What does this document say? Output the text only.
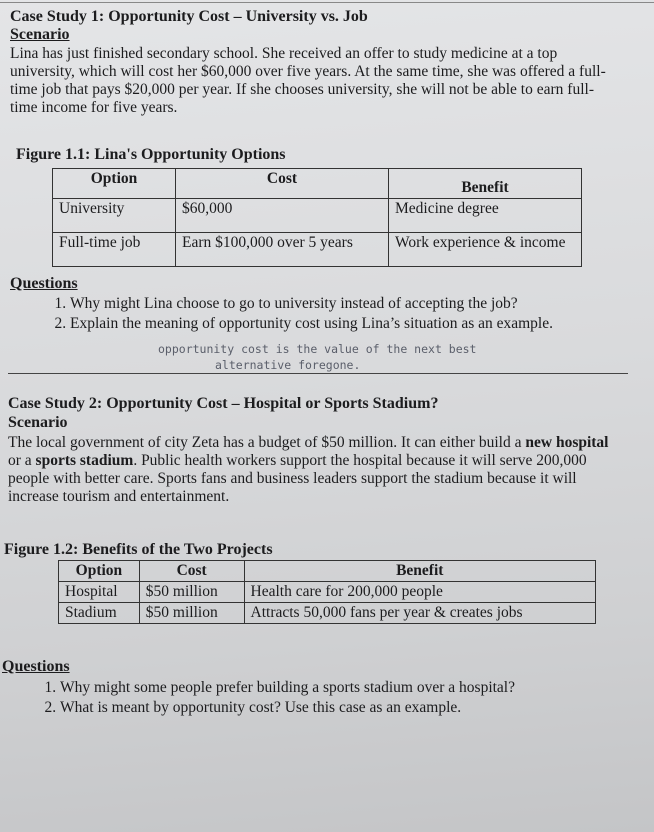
Case Study 1: Opportunity Cost – University vs. Job
Scenario
Lina has just finished secondary school. She received an offer to study medicine at a top university, which will cost her $60,000 over five years. At the same time, she was offered a full-time job that pays $20,000 per year. If she chooses university, she will not be able to earn full-time income for five years.
Figure 1.1: Lina's Opportunity Options
Option	Cost	Benefit
University	$60,000	Medicine degree
Full-time job	Earn $100,000 over 5 years	Work experience & income
Questions
1. Why might Lina choose to go to university instead of accepting the job?
2. Explain the meaning of opportunity cost using Lina’s situation as an example.
opportunity cost is the value of the next best
alternative foregone.
Case Study 2: Opportunity Cost – Hospital or Sports Stadium?
Scenario
The local government of city Zeta has a budget of $50 million. It can either build a new hospital or a sports stadium. Public health workers support the hospital because it will serve 200,000 people with better care. Sports fans and business leaders support the stadium because it will increase tourism and entertainment.
Figure 1.2: Benefits of the Two Projects
Option	Cost	Benefit
Hospital	$50 million	Health care for 200,000 people
Stadium	$50 million	Attracts 50,000 fans per year & creates jobs
Questions
1. Why might some people prefer building a sports stadium over a hospital?
2. What is meant by opportunity cost? Use this case as an example.
